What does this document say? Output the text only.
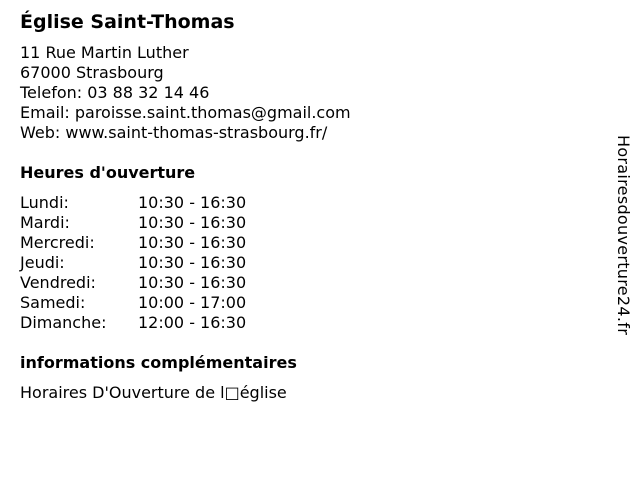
Église Saint-Thomas
11 Rue Martin Luther
67000 Strasbourg
Telefon: 03 88 32 14 46
Email: paroisse.saint.thomas@gmail.com
Web: www.saint-thomas-strasbourg.fr/
Heures d'ouverture
Lundi:	10:30 - 16:30
Mardi:	10:30 - 16:30
Mercredi:	10:30 - 16:30
Jeudi:	10:30 - 16:30
Vendredi:	10:30 - 16:30
Samedi:	10:00 - 17:00
Dimanche:	12:00 - 16:30
informations complémentaires
Horaires D'Ouverture de l□église
Horairesdouverture24.fr
